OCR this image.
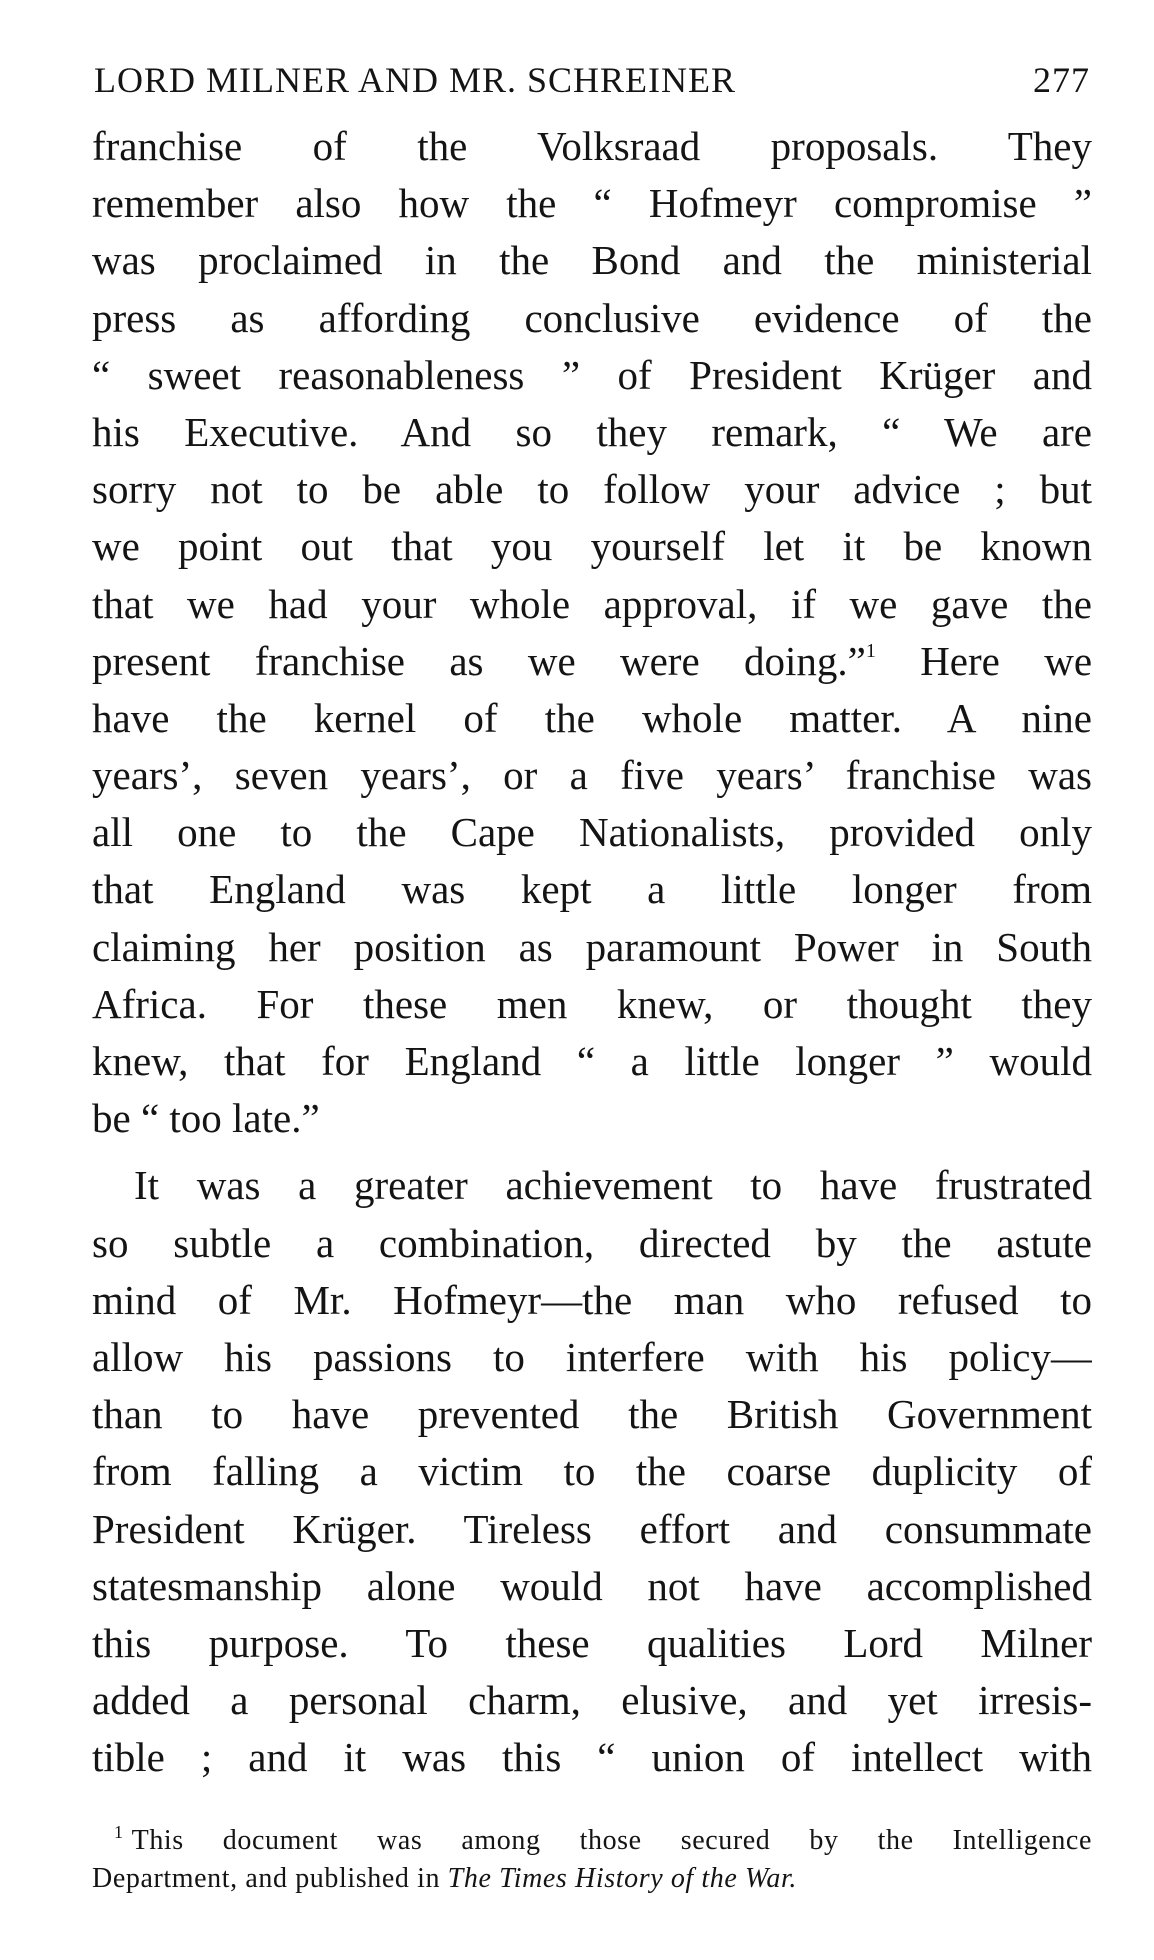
LORD MILNER AND MR. SCHREINER	277
franchise of the Volksraad proposals. They
remember also how the “ Hofmeyr compromise ”
was proclaimed in the Bond and the ministerial
press as affording conclusive evidence of the
“ sweet reasonableness ” of President Krüger and
his Executive. And so they remark, “ We are
sorry not to be able to follow your advice ; but
we point out that you yourself let it be known
that we had your whole approval, if we gave the
present franchise as we were doing.”$^1$ Here we
have the kernel of the whole matter. A nine
years’, seven years’, or a five years’ franchise was
all one to the Cape Nationalists, provided only
that England was kept a little longer from
claiming her position as paramount Power in South
Africa. For these men knew, or thought they
knew, that for England “ a little longer ” would
be “ too late.”
It was a greater achievement to have frustrated
so subtle a combination, directed by the astute
mind of Mr. Hofmeyr—the man who refused to
allow his passions to interfere with his policy—
than to have prevented the British Government
from falling a victim to the coarse duplicity of
President Krüger. Tireless effort and consummate
statesmanship alone would not have accomplished
this purpose. To these qualities Lord Milner
added a personal charm, elusive, and yet irresis-
tible ; and it was this “ union of intellect with
$^1$ This document was among those secured by the Intelligence
Department, and published in The Times History of the War.
